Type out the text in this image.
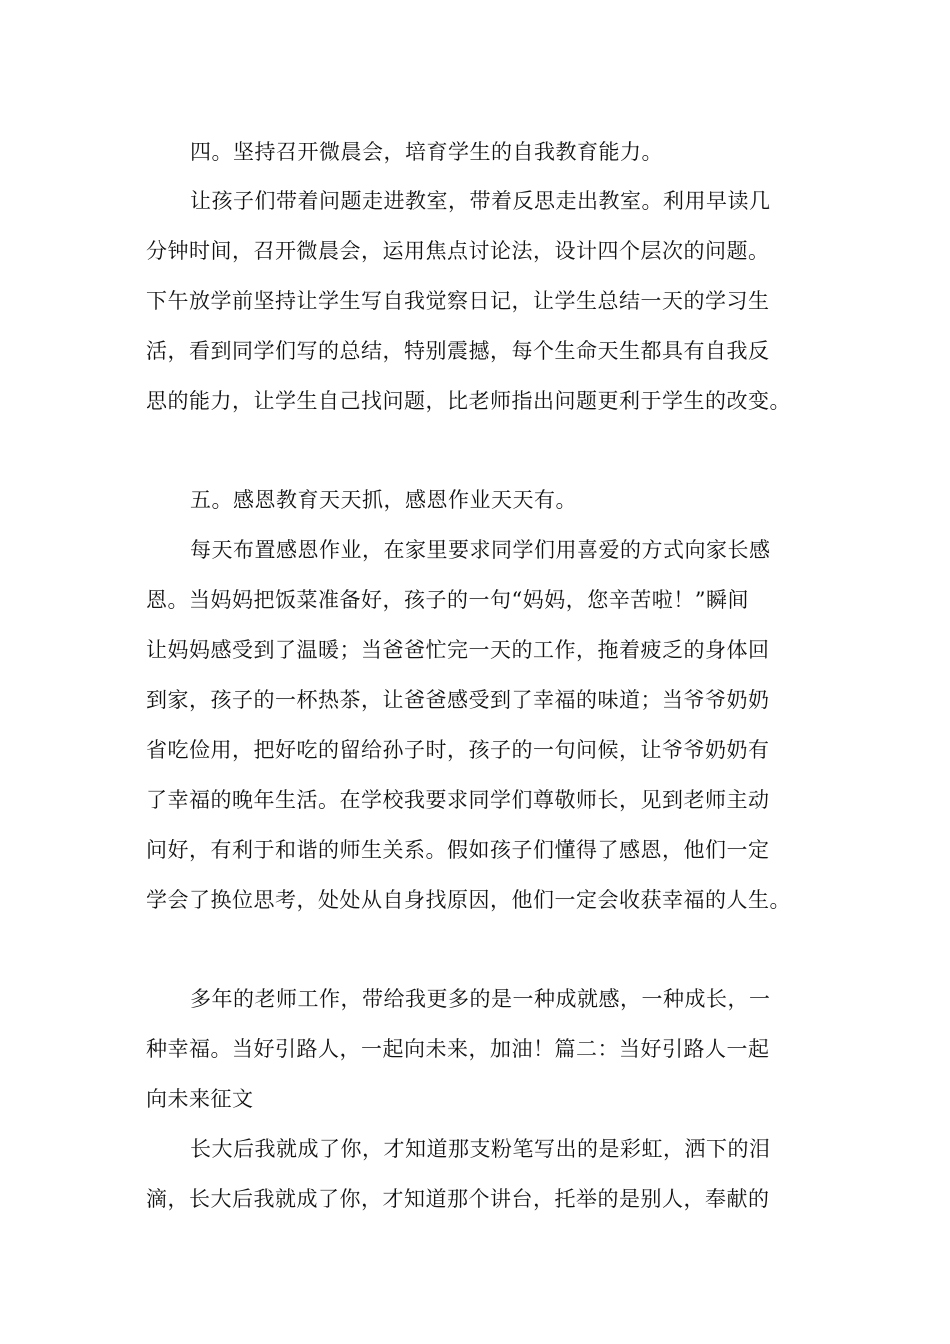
四。坚持召开微晨会，培育学生的自我教育能力。
让孩子们带着问题走进教室，带着反思走出教室。利用早读几
分钟时间，召开微晨会，运用焦点讨论法，设计四个层次的问题。
下午放学前坚持让学生写自我觉察日记，让学生总结一天的学习生
活，看到同学们写的总结，特别震撼，每个生命天生都具有自我反
思的能力，让学生自己找问题，比老师指出问题更利于学生的改变。
五。感恩教育天天抓，感恩作业天天有。
每天布置感恩作业，在家里要求同学们用喜爱的方式向家长感
恩。当妈妈把饭菜准备好，孩子的一句“妈妈，您辛苦啦！”瞬间
让妈妈感受到了温暖；当爸爸忙完一天的工作，拖着疲乏的身体回
到家，孩子的一杯热茶，让爸爸感受到了幸福的味道；当爷爷奶奶
省吃俭用，把好吃的留给孙子时，孩子的一句问候，让爷爷奶奶有
了幸福的晚年生活。在学校我要求同学们尊敬师长，见到老师主动
问好，有利于和谐的师生关系。假如孩子们懂得了感恩，他们一定
学会了换位思考，处处从自身找原因，他们一定会收获幸福的人生。
多年的老师工作，带给我更多的是一种成就感，一种成长，一
种幸福。当好引路人，一起向未来，加油！篇二：当好引路人一起
向未来征文
长大后我就成了你，才知道那支粉笔写出的是彩虹，洒下的泪
滴，长大后我就成了你，才知道那个讲台，托举的是别人，奉献的
